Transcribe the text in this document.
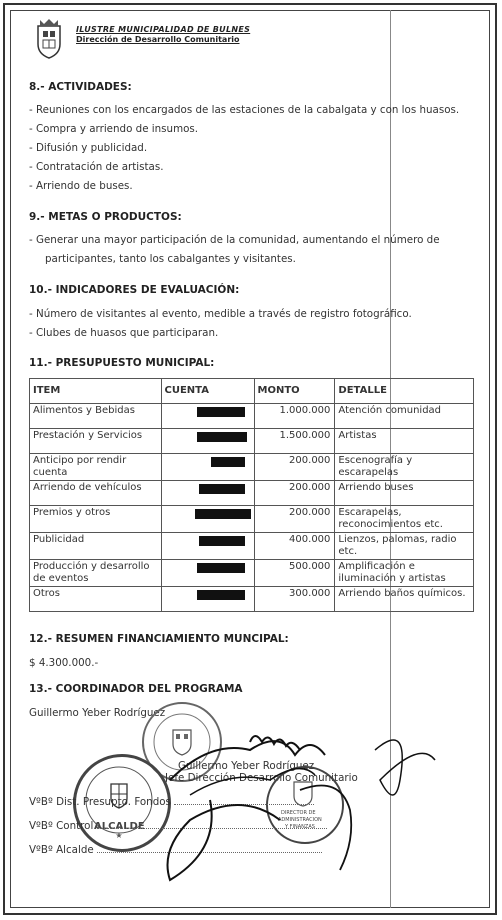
ILUSTRE MUNICIPALIDAD DE BULNES
Dirección de Desarrollo Comunitario
8.- ACTIVIDADES:
- Reuniones con los encargados de las estaciones de la cabalgata y con los huasos.
- Compra y arriendo de insumos.
- Difusión y publicidad.
- Contratación de artistas.
- Arriendo de buses.
9.- METAS O PRODUCTOS:
- Generar una mayor participación de la comunidad, aumentando el número de
participantes, tanto los cabalgantes y visitantes.
10.- INDICADORES DE EVALUACIÓN:
- Número de visitantes al evento, medible a través de registro fotográfico.
- Clubes de huasos que participaran.
11.- PRESUPUESTO MUNICIPAL:
ITEM	CUENTA	MONTO	DETALLE
Alimentos y Bebidas		1.000.000	Atención comunidad
Prestación y Servicios		1.500.000	Artistas
Anticipo por rendir cuenta		200.000	Escenografía y escarapelas
Arriendo de vehículos		200.000	Arriendo buses
Premios y otros		200.000	Escarapelas, reconocimientos etc.
Publicidad		400.000	Lienzos, palomas, radio etc.
Producción y desarrollo de eventos		500.000	Amplificación e iluminación y artistas
Otros		300.000	Arriendo baños químicos.
12.- RESUMEN FINANCIAMIENTO MUNCIPAL:
$ 4.300.000.-
13.- COORDINADOR DEL PROGRAMA
Guillermo Yeber Rodríguez
Guillermo Yeber Rodríguez
Jefe Dirección Desarrollo Comunitario
★
ALCALDE
DIRECTOR DE
ADMINISTRACION
Y FINANZAS
VºBº Dist. Presupto. Fondos
VºBº Control
VºBº Alcalde
